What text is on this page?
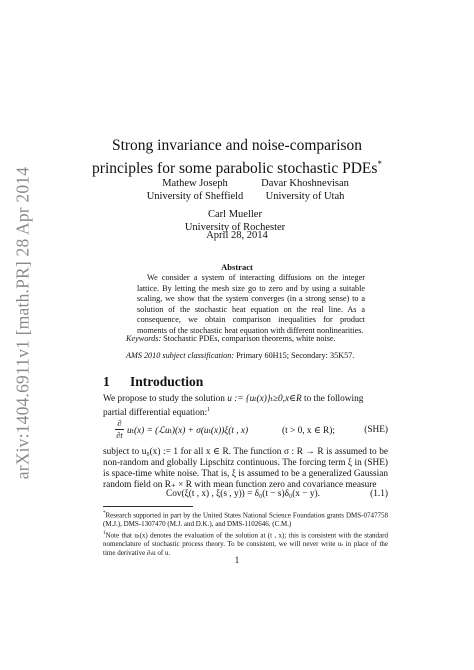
arXiv:1404.6911v1 [math.PR] 28 Apr 2014
Strong invariance and noise-comparison
principles for some parabolic stochastic PDEs*
Mathew Joseph
University of Sheffield
Davar Khoshnevisan
University of Utah
Carl Mueller
University of Rochester
April 28, 2014
Abstract
We consider a system of interacting diffusions on the integer lattice. By letting the mesh size go to zero and by using a suitable scaling, we show that the system converges (in a strong sense) to a solution of the stochastic heat equation on the real line. As a consequence, we obtain comparison inequalities for product moments of the stochastic heat equation with different nonlinearities.
Keywords: Stochastic PDEs, comparison theorems, white noise.
AMS 2010 subject classification: Primary 60H15; Secondary: 35K57.
1 Introduction
We propose to study the solution u := {uₜ(x)}ₜ≥0,x∈R to the following partial differential equation:$^1$
∂
∂t uₜ(x) = (ℒuₜ)(x) + σ(uₜ(x))ξ(t , x)	(t > 0, x ∈ R);	(SHE)
subject to u₀(x) := 1 for all x ∈ R. The function σ : R → R is assumed to be non-random and globally Lipschitz continuous. The forcing term ξ in (SHE) is space-time white noise. That is, ξ is assumed to be a generalized Gaussian random field on R₊ × R with mean function zero and covariance measure
Cov(ξ(t , x) , ξ(s , y)) = δ₀(t − s)δ₀(x − y).	(1.1)
*Research supported in part by the United States National Science Foundation grants DMS-0747758 (M.J.), DMS-1307470 (M.J. and D.K.), and DMS-1102646. (C.M.)
$^1$Note that uₜ(x) denotes the evaluation of the solution at (t , x); this is consistent with the standard nomenclature of stochastic process theory. To be consistent, we will never write uₜ in place of the time derivative ∂ₜu of u.
1
